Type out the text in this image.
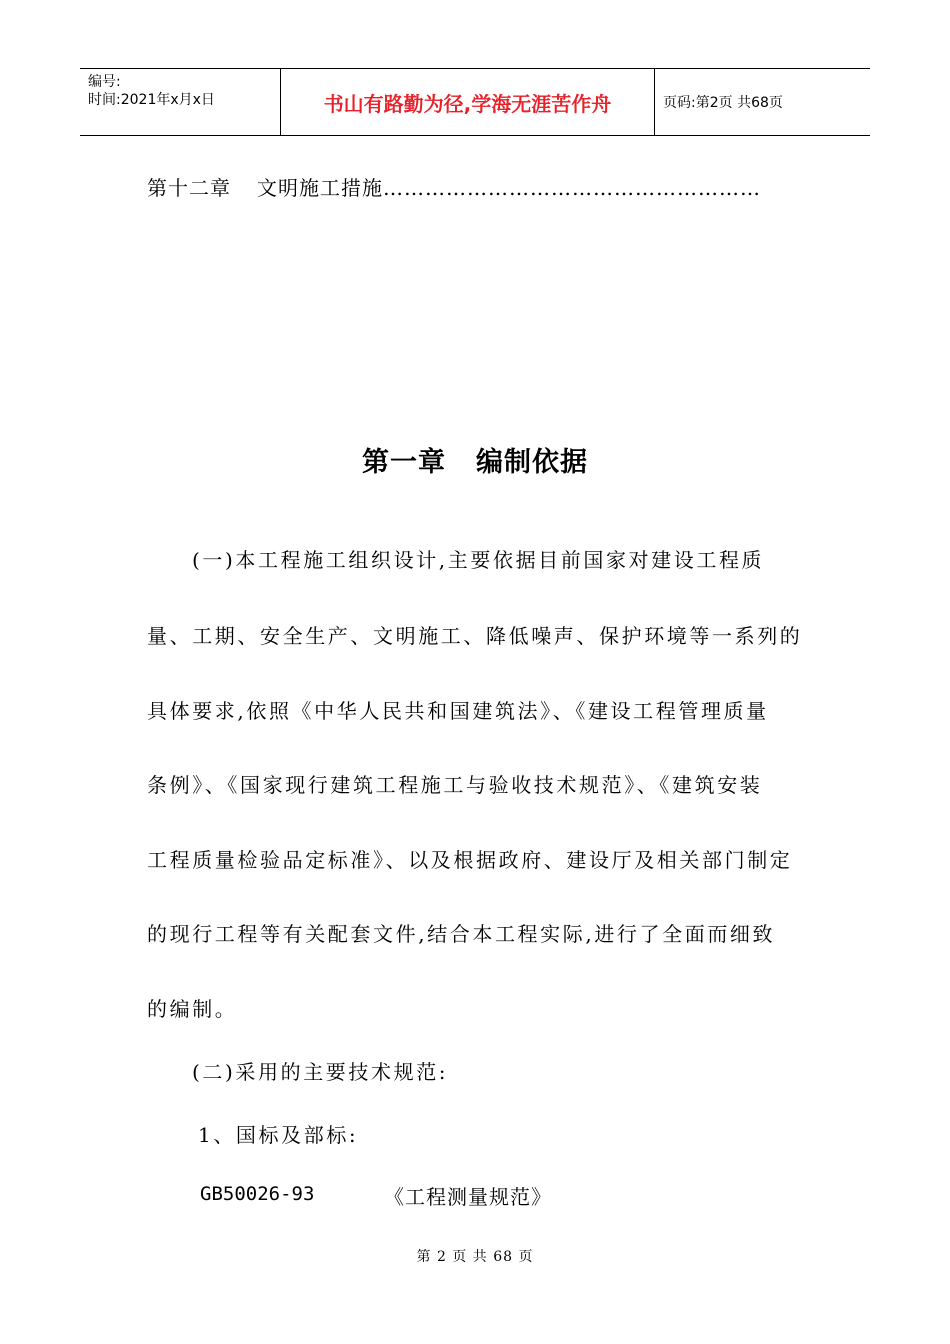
编号:
时间:2021年x月x日	书山有路勤为径,学海无涯苦作舟	页码:第2页 共68页
第十二章 文明施工措施………………………………………………
第一章 编制依据
(一)本工程施工组织设计,主要依据目前国家对建设工程质
量、工期、安全生产、文明施工、降低噪声、保护环境等一系列的
具体要求,依照《中华人民共和国建筑法》、《建设工程管理质量
条例》、《国家现行建筑工程施工与验收技术规范》、《建筑安装
工程质量检验品定标准》、以及根据政府、建设厅及相关部门制定
的现行工程等有关配套文件,结合本工程实际,进行了全面而细致
的编制。
(二)采用的主要技术规范:
1、国标及部标:
GB50026-93	《工程测量规范》
第 2 页 共 68 页
